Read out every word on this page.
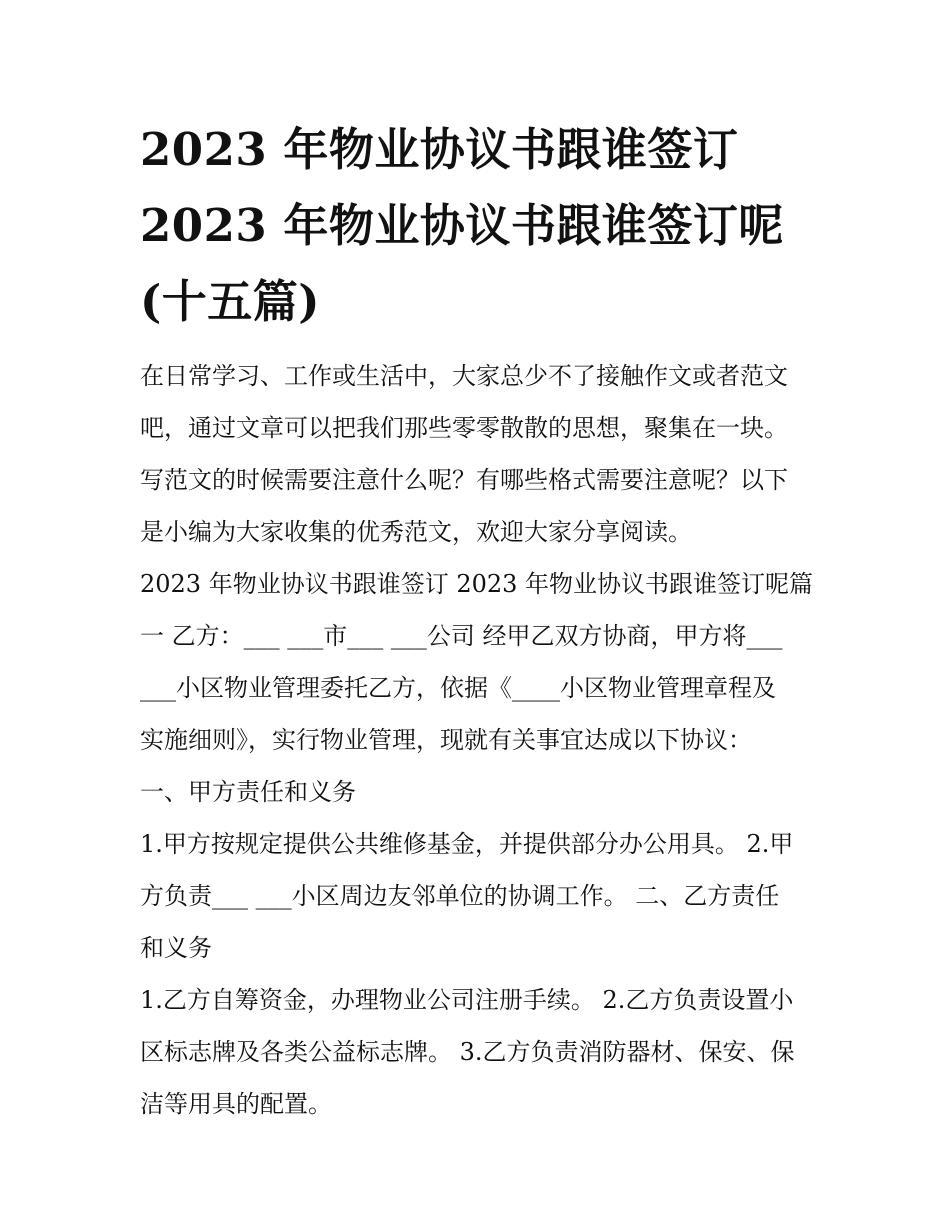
2023 年物业协议书跟谁签订
2023 年物业协议书跟谁签订呢
(十五篇)

在日常学习、工作或生活中，大家总少不了接触作文或者范文
吧，通过文章可以把我们那些零零散散的思想，聚集在一块。
写范文的时候需要注意什么呢？有哪些格式需要注意呢？以下
是小编为大家收集的优秀范文，欢迎大家分享阅读。

2023 年物业协议书跟谁签订 2023 年物业协议书跟谁签订呢篇
一 乙方：___ ___市___ ___公司 经甲乙双方协商，甲方将___
___小区物业管理委托乙方，依据《____小区物业管理章程及
实施细则》，实行物业管理，现就有关事宜达成以下协议：

一、甲方责任和义务

1.甲方按规定提供公共维修基金，并提供部分办公用具。 2.甲
方负责___ ___小区周边友邻单位的协调工作。 二、乙方责任
和义务

1.乙方自筹资金，办理物业公司注册手续。 2.乙方负责设置小
区标志牌及各类公益标志牌。 3.乙方负责消防器材、保安、保
洁等用具的配置。
